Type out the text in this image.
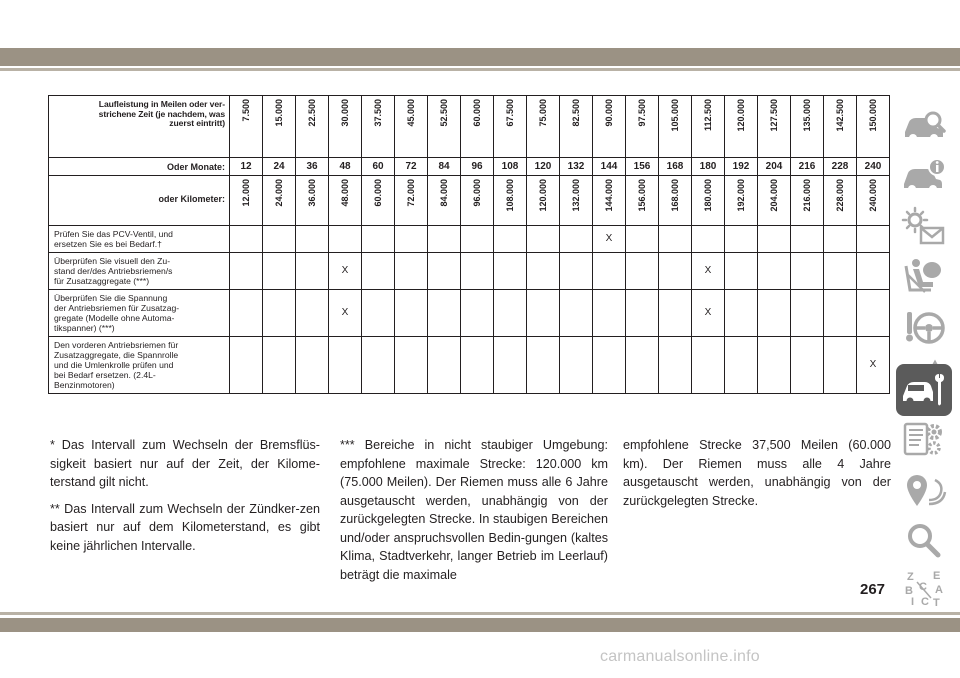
Laufleistung in Meilen oder ver-
strichene Zeit (je nachdem, was
zuerst eintritt)	7.500	15.000	22.500	30.000	37.500	45.000	52.500	60.000	67.500	75.000	82.500	90.000	97.500	105.000	112.500	120.000	127.500	135.000	142.500	150.000
Oder Monate:	12	24	36	48	60	72	84	96	108	120	132	144	156	168	180	192	204	216	228	240
oder Kilometer:	12.000	24.000	36.000	48.000	60.000	72.000	84.000	96.000	108.000	120.000	132.000	144.000	156.000	168.000	180.000	192.000	204.000	216.000	228.000	240.000

Prüfen Sie das PCV-Ventil, und
ersetzen Sie es bei Bedarf.†												X								

Überprüfen Sie visuell den Zu-
stand der/des Antriebsriemen/s
für Zusatzaggregate (***)				X											X					

Überprüfen Sie die Spannung
der Antriebsriemen für Zusatzag-
gregate (Modelle ohne Automa-
tikspanner) (***)				X											X					

Den vorderen Antriebsriemen für
Zusatzaggregate, die Spannrolle
und die Umlenkrolle prüfen und
bei Bedarf ersetzen. (2.4L-
Benzinmotoren)																				X

* Das Intervall zum Wechseln der Bremsflüs-sigkeit basiert nur auf der Zeit, der Kilome-terstand gilt nicht.

** Das Intervall zum Wechseln der Zündker-zen basiert nur auf dem Kilometerstand, es gibt keine jährlichen Intervalle.

*** Bereiche in nicht staubiger Umgebung: empfohlene maximale Strecke: 120.000 km (75.000 Meilen). Der Riemen muss alle 6 Jahre ausgetauscht werden, unabhängig von der zurückgelegten Strecke. In staubigen Bereichen und/oder anspruchsvollen Bedin-gungen (kaltes Klima, Stadtverkehr, langer Betrieb im Leerlauf) beträgt die maximale

empfohlene Strecke 37,500 Meilen (60.000 km). Der Riemen muss alle 4 Jahre ausgetauscht werden, unabhängig von der zurückgelegten Strecke.

Z E
B C A
I C T
267
carmanualsonline.info
